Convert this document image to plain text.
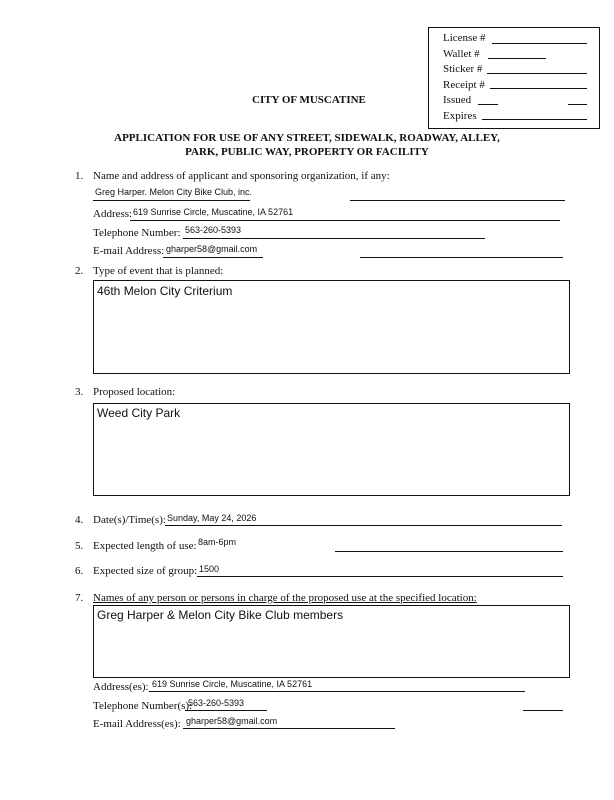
License #
Wallet #
Sticker #
Receipt #
Issued
Expires
CITY OF MUSCATINE
APPLICATION FOR USE OF ANY STREET, SIDEWALK, ROADWAY, ALLEY,
PARK, PUBLIC WAY, PROPERTY OR FACILITY
1. Name and address of applicant and sponsoring organization, if any:
Greg Harper. Melon City Bike Club, inc.
Address: 619 Sunrise Circle, Muscatine, IA 52761
Telephone Number: 563-260-5393
E-mail Address: gharper58@gmail.com
2. Type of event that is planned:
46th Melon City Criterium
3. Proposed location:
Weed City Park
4. Date(s)/Time(s): Sunday, May 24, 2026
5. Expected length of use: 8am-6pm
6. Expected size of group: 1500
7. Names of any person or persons in charge of the proposed use at the specified location:
Greg Harper & Melon City Bike Club members
Address(es): 619 Sunrise Circle, Muscatine, IA 52761
Telephone Number(s):
563-260-5393
E-mail Address(es): gharper58@gmail.com
